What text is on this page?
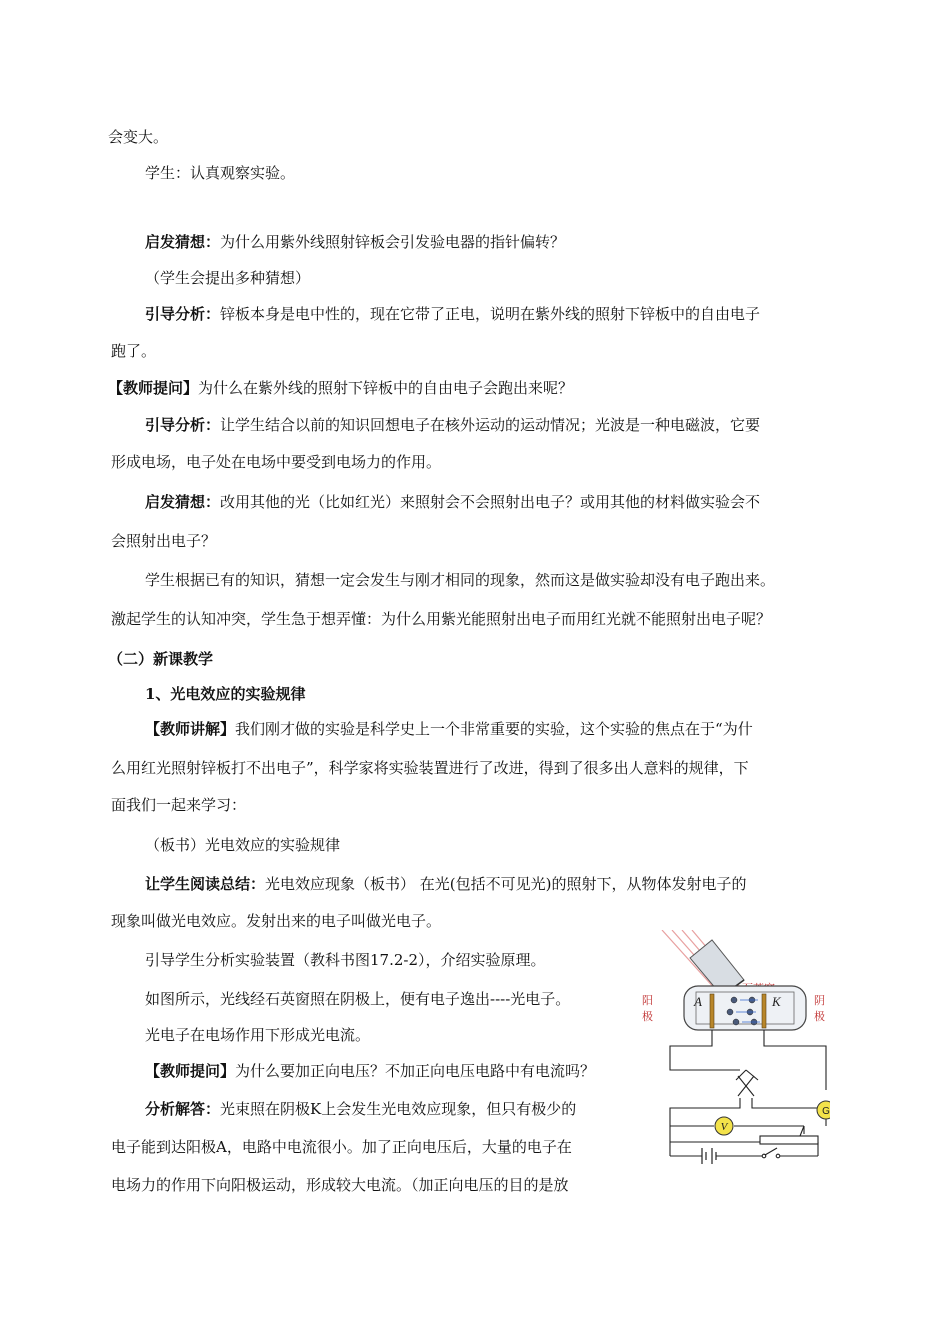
会变大。
学生：认真观察实验。
启发猜想：为什么用紫外线照射锌板会引发验电器的指针偏转？
（学生会提出多种猜想）
引导分析：锌板本身是电中性的，现在它带了正电，说明在紫外线的照射下锌板中的自由电子
跑了。
【教师提问】为什么在紫外线的照射下锌板中的自由电子会跑出来呢？
引导分析：让学生结合以前的知识回想电子在核外运动的运动情况；光波是一种电磁波，它要
形成电场，电子处在电场中要受到电场力的作用。
启发猜想：改用其他的光（比如红光）来照射会不会照射出电子？或用其他的材料做实验会不
会照射出电子？
学生根据已有的知识，猜想一定会发生与刚才相同的现象，然而这是做实验却没有电子跑出来。
激起学生的认知冲突，学生急于想弄懂：为什么用紫光能照射出电子而用红光就不能照射出电子呢？
（二）新课教学
1、光电效应的实验规律
【教师讲解】我们刚才做的实验是科学史上一个非常重要的实验，这个实验的焦点在于“为什
么用红光照射锌板打不出电子”，科学家将实验装置进行了改进，得到了很多出人意料的规律，下
面我们一起来学习：
（板书）光电效应的实验规律
让学生阅读总结：光电效应现象（板书） 在光(包括不可见光)的照射下，从物体发射电子的
现象叫做光电效应。发射出来的电子叫做光电子。
引导学生分析实验装置（教科书图17.2-2），介绍实验原理。
如图所示，光线经石英窗照在阴极上，便有电子逸出----光电子。
光电子在电场作用下形成光电流。
【教师提问】为什么要加正向电压？不加正向电压电路中有电流吗？
分析解答：光束照在阴极K上会发生光电效应现象，但只有极少的
电子能到达阳极A，电路中电流很小。加了正向电压后，大量的电子在
电场力的作用下向阳极运动，形成较大电流。（加正向电压的目的是放
阳
极
阴
极
A	K
V
G
